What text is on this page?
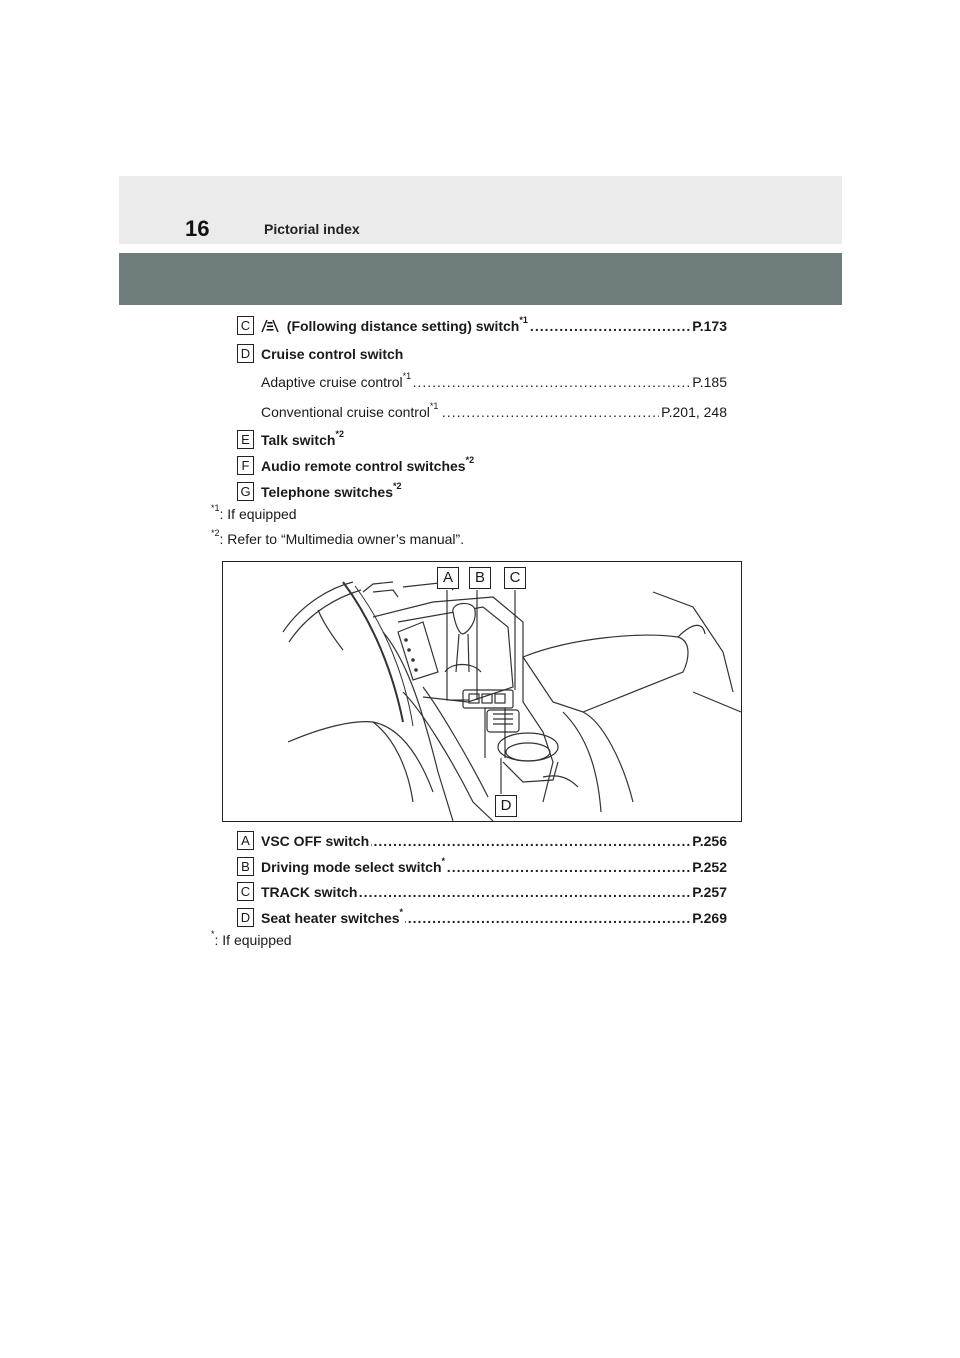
16	Pictorial index
C .....	(Following distance setting) switch$^{*1}$	P.173
D Cruise control switch
.....
Adaptive cruise control$^{*1}$	P.185
.....
Conventional cruise control$^{*1}$	P.201, 248
E Talk switch$^{*2}$
F Audio remote control switches$^{*2}$
G Telephone switches$^{*2}$
$^{*1}$: If equipped
$^{*2}$: Refer to “Multimedia owner’s manual”.
A	B	C
D
A ..... VSC OFF switch	P.256
B ..... Driving mode select switch*	P.252
C ..... TRACK switch	P.257
D ..... Seat heater switches*	P.269
*: If equipped
